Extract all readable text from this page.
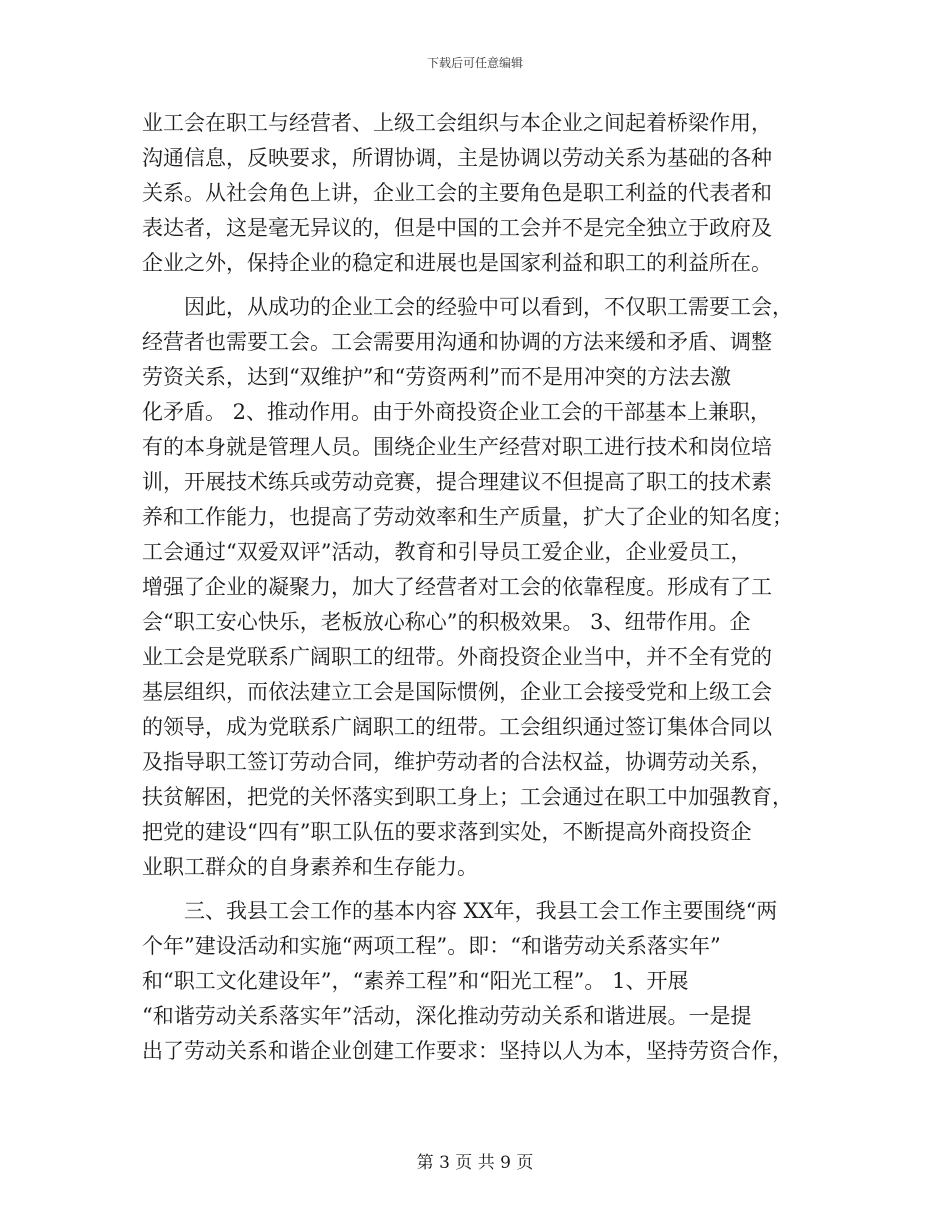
下载后可任意编辑
业工会在职工与经营者、上级工会组织与本企业之间起着桥梁作用，
沟通信息，反映要求，所谓协调，主是协调以劳动关系为基础的各种
关系。从社会角色上讲，企业工会的主要角色是职工利益的代表者和
表达者，这是毫无异议的，但是中国的工会并不是完全独立于政府及
企业之外，保持企业的稳定和进展也是国家利益和职工的利益所在。
　　因此，从成功的企业工会的经验中可以看到，不仅职工需要工会，
经营者也需要工会。工会需要用沟通和协调的方法来缓和矛盾、调整
劳资关系，达到“双维护”和“劳资两利”而不是用冲突的方法去激
化矛盾。 2、推动作用。由于外商投资企业工会的干部基本上兼职，
有的本身就是管理人员。围绕企业生产经营对职工进行技术和岗位培
训，开展技术练兵或劳动竞赛，提合理建议不但提高了职工的技术素
养和工作能力，也提高了劳动效率和生产质量，扩大了企业的知名度；
工会通过“双爱双评”活动，教育和引导员工爱企业，企业爱员工，
增强了企业的凝聚力，加大了经营者对工会的依靠程度。形成有了工
会“职工安心快乐，老板放心称心”的积极效果。 3、纽带作用。企
业工会是党联系广阔职工的纽带。外商投资企业当中，并不全有党的
基层组织，而依法建立工会是国际惯例，企业工会接受党和上级工会
的领导，成为党联系广阔职工的纽带。工会组织通过签订集体合同以
及指导职工签订劳动合同，维护劳动者的合法权益，协调劳动关系，
扶贫解困，把党的关怀落实到职工身上；工会通过在职工中加强教育，
把党的建设“四有”职工队伍的要求落到实处，不断提高外商投资企
业职工群众的自身素养和生存能力。
　　三、我县工会工作的基本内容 XX年，我县工会工作主要围绕“两
个年”建设活动和实施“两项工程”。即：“和谐劳动关系落实年”
和“职工文化建设年”，“素养工程”和“阳光工程”。 1、开展
“和谐劳动关系落实年”活动，深化推动劳动关系和谐进展。一是提
出了劳动关系和谐企业创建工作要求：坚持以人为本，坚持劳资合作，
第 3 页 共 9 页
